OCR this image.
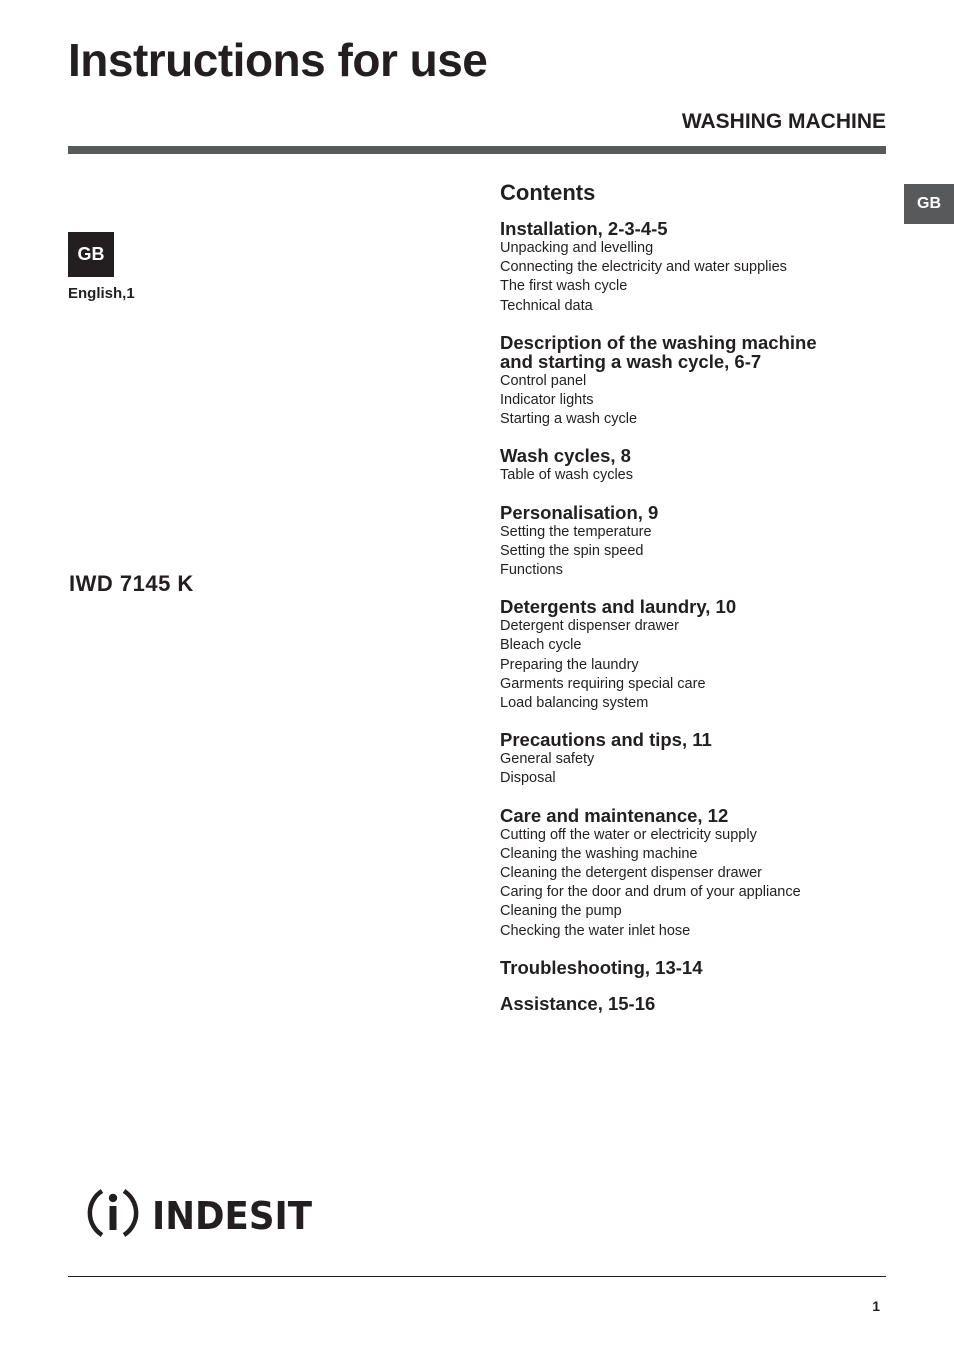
Instructions for use
WASHING MACHINE
GB
GB
English,1
IWD 7145 K
Contents
Installation, 2-3-4-5
Unpacking and levelling
Connecting the electricity and water supplies
The first wash cycle
Technical data
Description of the washing machine
and starting a wash cycle, 6-7
Control panel
Indicator lights
Starting a wash cycle
Wash cycles, 8
Table of wash cycles
Personalisation, 9
Setting the temperature
Setting the spin speed
Functions
Detergents and laundry, 10
Detergent dispenser drawer
Bleach cycle
Preparing the laundry
Garments requiring special care
Load balancing system
Precautions and tips, 11
General safety
Disposal
Care and maintenance, 12
Cutting off the water or electricity supply
Cleaning the washing machine
Cleaning the detergent dispenser drawer
Caring for the door and drum of your appliance
Cleaning the pump
Checking the water inlet hose
Troubleshooting, 13-14
Assistance, 15-16
INDESIT
1
